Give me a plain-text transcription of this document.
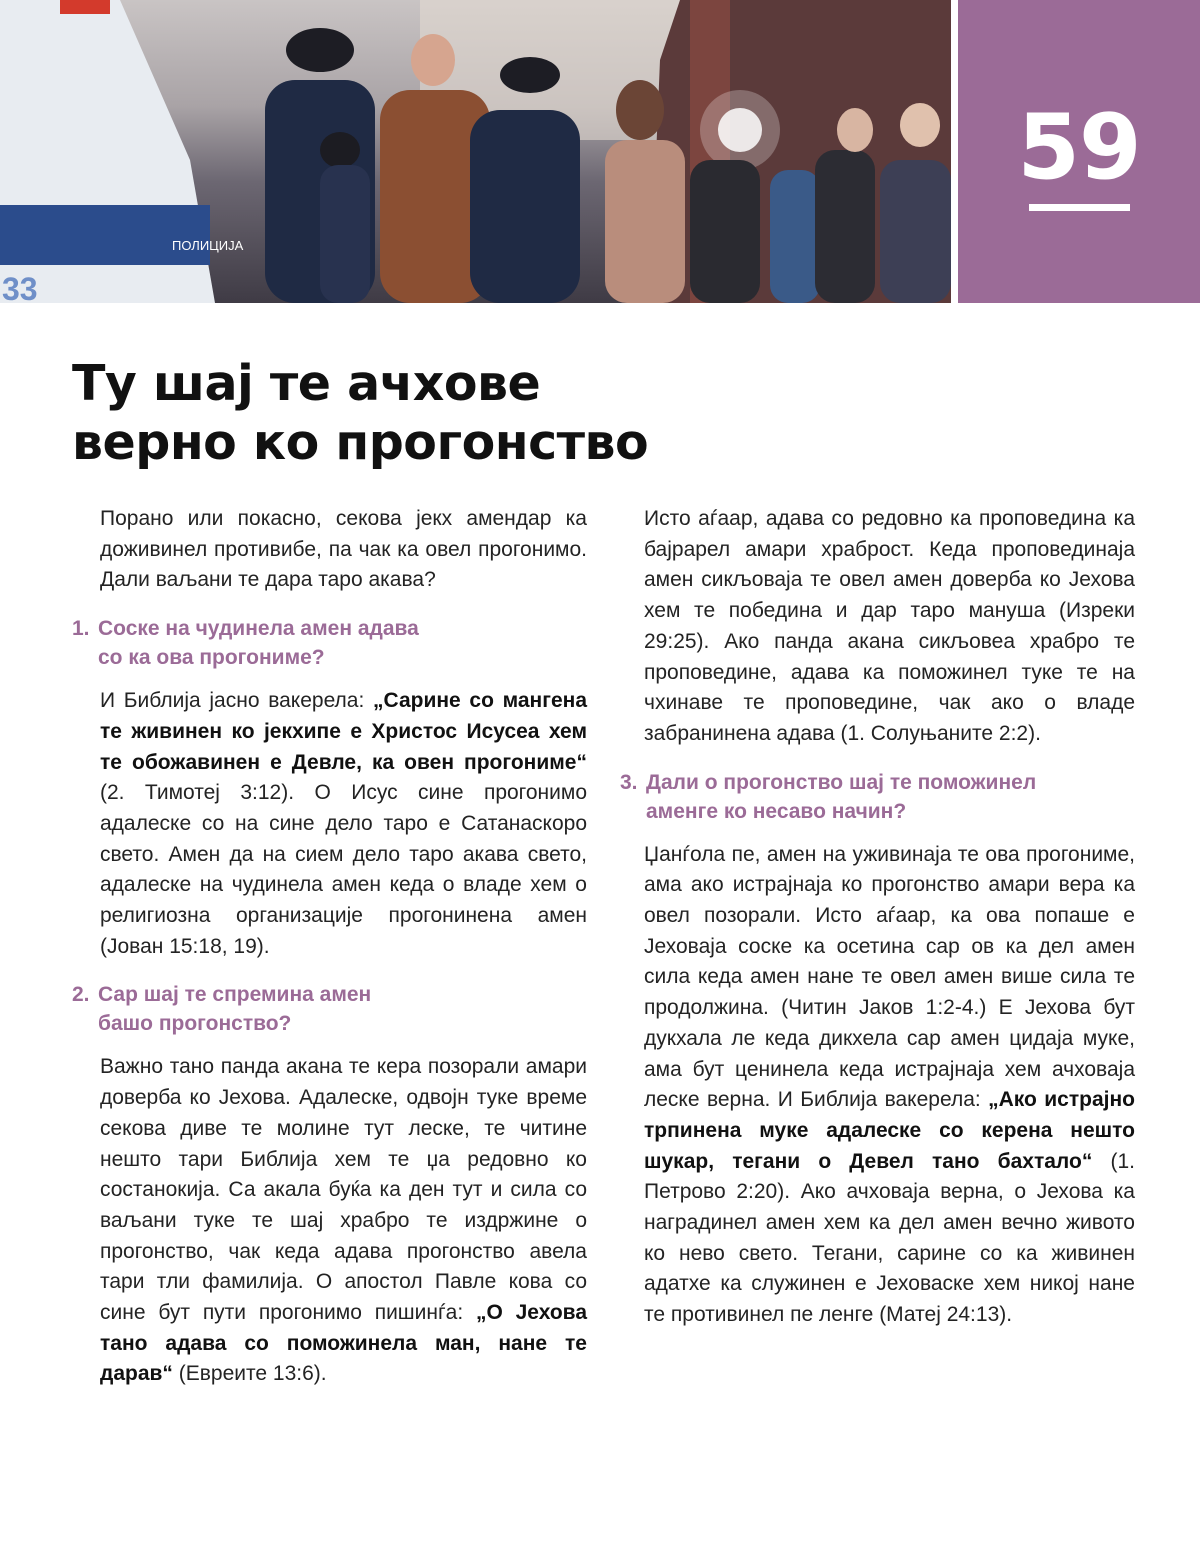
ПОЛИЦИЈА
33
59
Ту шај те ачхове
верно ко прогонство

Порано или покасно, секова јекх амендар ка доживинел противибе, па чак ка овел прогонимо. Дали ваљани те дара таро акава?

1. Соске на чудинела амен адава
со ка ова прогониме?

И Библија јасно вакерела: „Сарине со мангена те живинен ко јекхипе е Христос Исусеа хем те обожавинен е Девле, ка овен прогониме“ (2. Тимотеј 3:12). О Исус сине прогонимо адалеске со на сине дело таро е Сатанаскоро свето. Амен да на сием дело таро акава свето, адалеске на чудинела амен кеда о владе хем о религиозна организације прогонинена амен (Јован 15:18, 19).

2. Сар шај те спремина амен
башо прогонство?

Важно тано панда акана те кера позорали амари доверба ко Јехова. Адалеске, одвојн туке време секова диве те молине тут леске, те читине нешто тари Библија хем те џа редовно ко состанокија. Са акала буќа ка ден тут и сила со ваљани туке те шај храбро те издржине о прогонство, чак кеда адава прогонство авела тари тли фамилија. О апостол Павле кова со сине бут пути прогонимо пишинѓа: „О Јехова тано адава со поможинела ман, нане те дарав“ (Евреите 13:6).

Исто аѓаар, адава со редовно ка проповедина ка бајрарел амари храброст. Кеда проповединаја амен сикљоваја те овел амен доверба ко Јехова хем те победина и дар таро мануша (Изреки 29:25). Ако панда акана сикљовеа храбро те проповедине, адава ка поможинел туке те на чхинаве те проповедине, чак ако о владе забранинена адава (1. Солуњаните 2:2).

3. Дали о прогонство шај те поможинел
аменге ко несаво начин?

Џанѓола пе, амен на уживинаја те ова прогониме, ама ако истрајнаја ко прогонство амари вера ка овел позорали. Исто аѓаар, ка ова попаше е Јеховаја соске ка осетина сар ов ка дел амен сила кеда амен нане те овел амен више сила те продолжина. (Читин Јаков 1:2-4.) Е Јехова бут дукхала ле кеда дикхела сар амен цидаја муке, ама бут ценинела кеда истрајнаја хем ачховаја леске верна. И Библија вакерела: „Ако истрајно трпинена муке адалеске со керена нешто шукар, тегани о Девел тано бахтало“ (1. Петрово 2:20). Ако ачховаја верна, о Јехова ка наградинел амен хем ка дел амен вечно живото ко нево свето. Тегани, сарине со ка живинен адатхе ка служинен е Јеховаске хем никој нане те противинел пе ленге (Матеј 24:13).
